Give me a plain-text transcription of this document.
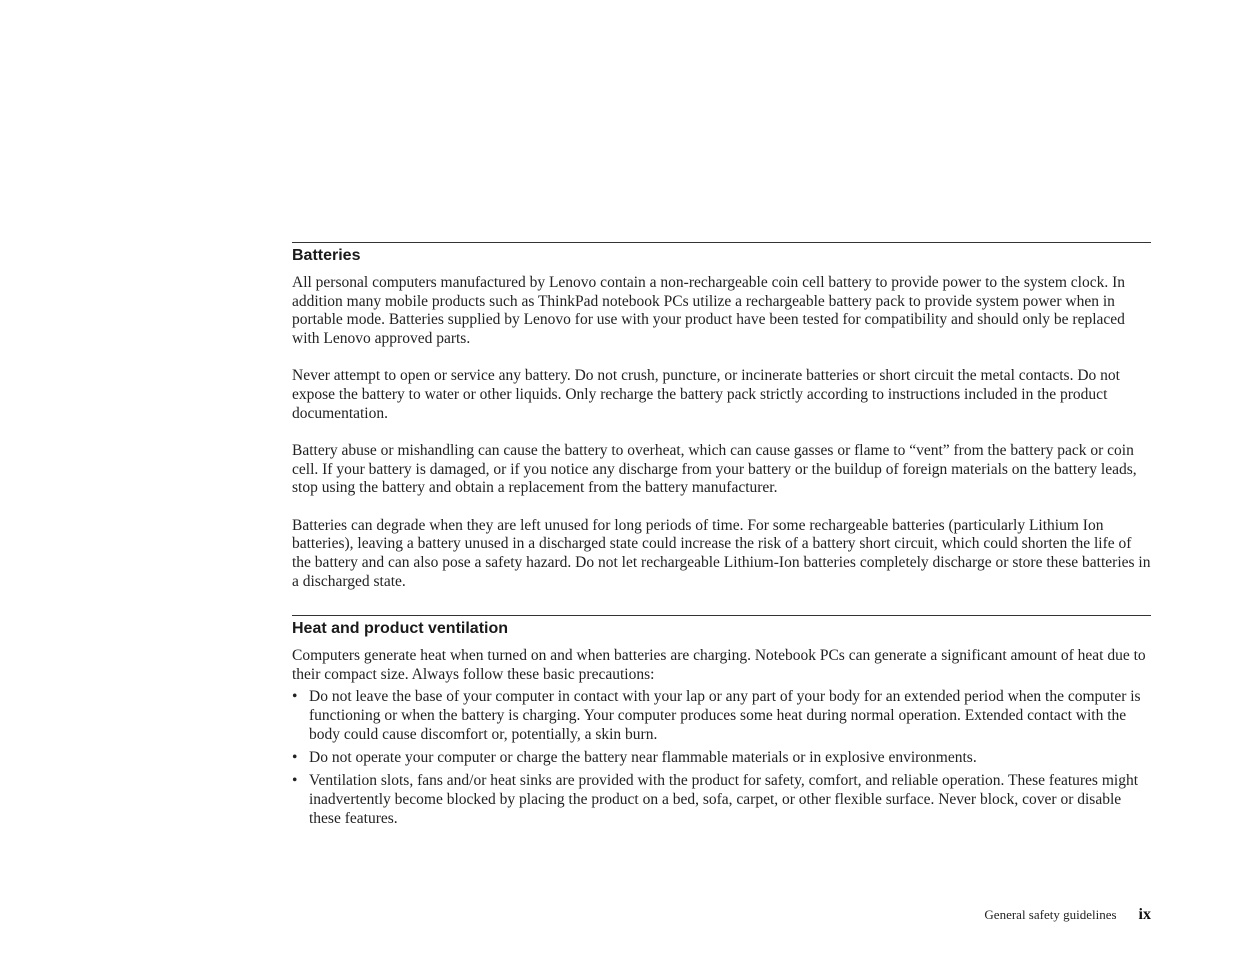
Batteries

All personal computers manufactured by Lenovo contain a non-rechargeable coin cell battery to provide power to the system clock. In addition many mobile products such as ThinkPad notebook PCs utilize a rechargeable battery pack to provide system power when in portable mode. Batteries supplied by Lenovo for use with your product have been tested for compatibility and should only be replaced with Lenovo approved parts.

Never attempt to open or service any battery. Do not crush, puncture, or incinerate batteries or short circuit the metal contacts. Do not expose the battery to water or other liquids. Only recharge the battery pack strictly according to instructions included in the product documentation.

Battery abuse or mishandling can cause the battery to overheat, which can cause gasses or flame to “vent” from the battery pack or coin cell. If your battery is damaged, or if you notice any discharge from your battery or the buildup of foreign materials on the battery leads, stop using the battery and obtain a replacement from the battery manufacturer.

Batteries can degrade when they are left unused for long periods of time. For some rechargeable batteries (particularly Lithium Ion batteries), leaving a battery unused in a discharged state could increase the risk of a battery short circuit, which could shorten the life of the battery and can also pose a safety hazard. Do not let rechargeable Lithium-Ion batteries completely discharge or store these batteries in a discharged state.

Heat and product ventilation

Computers generate heat when turned on and when batteries are charging. Notebook PCs can generate a significant amount of heat due to their compact size. Always follow these basic precautions:

• Do not leave the base of your computer in contact with your lap or any part of your body for an extended period when the computer is functioning or when the battery is charging. Your computer produces some heat during normal operation. Extended contact with the body could cause discomfort or, potentially, a skin burn.
• Do not operate your computer or charge the battery near flammable materials or in explosive environments.
• Ventilation slots, fans and/or heat sinks are provided with the product for safety, comfort, and reliable operation. These features might inadvertently become blocked by placing the product on a bed, sofa, carpet, or other flexible surface. Never block, cover or disable these features.
General safety guidelines ix
